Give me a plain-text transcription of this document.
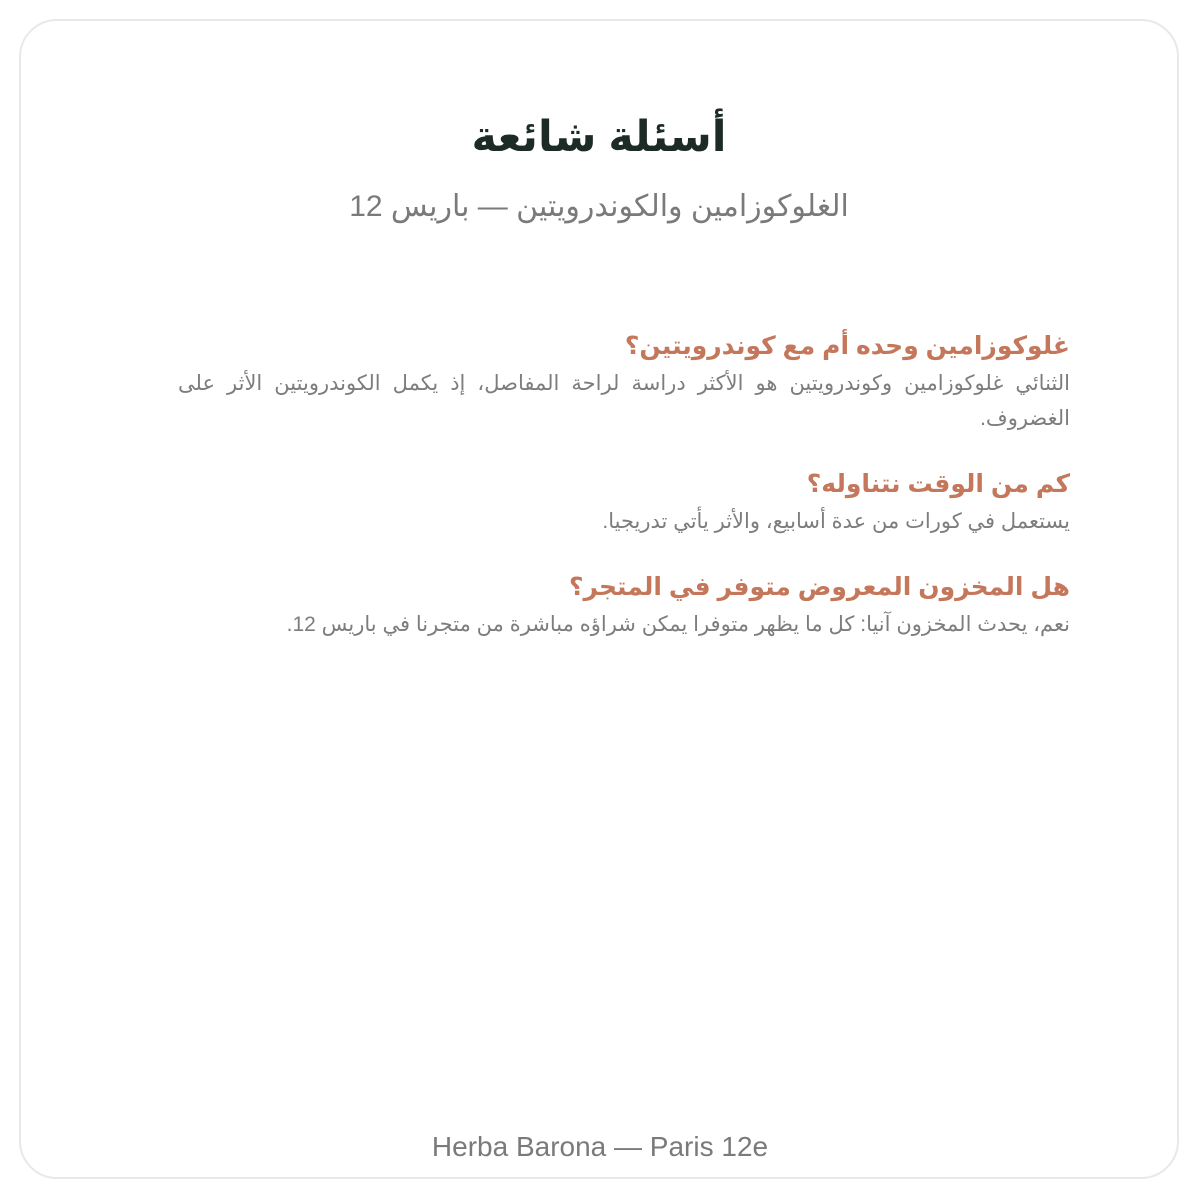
أسئلة شائعة

الغلوكوزامين والكوندرويتين — باريس 12

غلوكوزامين وحده أم مع كوندرويتين؟

الثنائي غلوكوزامين وكوندرويتين هو الأكثر دراسة لراحة المفاصل، إذ يكمل الكوندرويتين الأثر على الغضروف.

كم من الوقت نتناوله؟

يستعمل في كورات من عدة أسابيع، والأثر يأتي تدريجيا.

هل المخزون المعروض متوفر في المتجر؟

نعم، يحدث المخزون آنيا: كل ما يظهر متوفرا يمكن شراؤه مباشرة من متجرنا في باريس 12.

Herba Barona — Paris 12e
